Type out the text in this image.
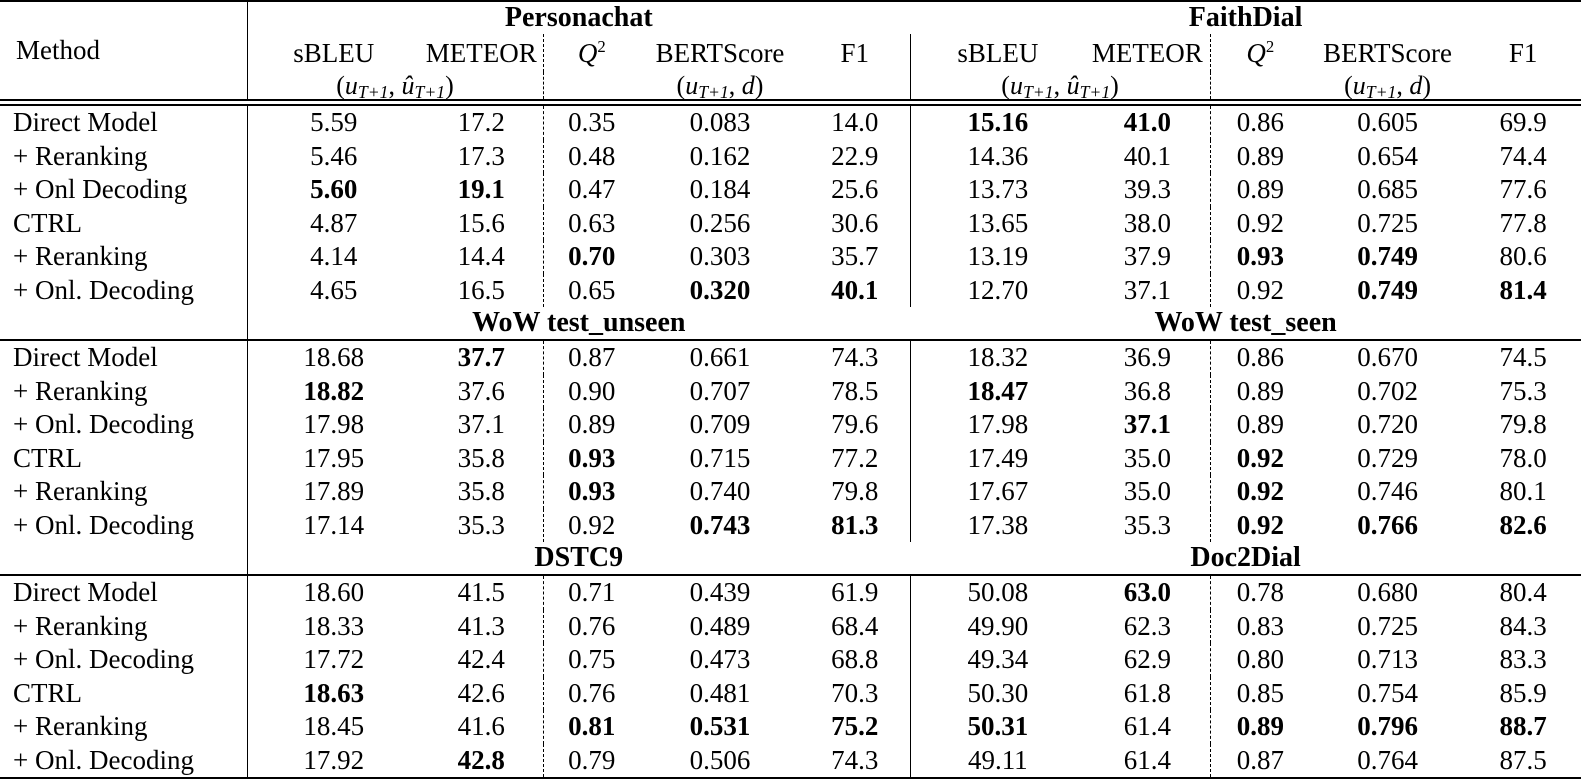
Method	Personachat					FaithDial				
	sBLEU	METEOR	$Q^2$	BERTScore	F1	sBLEU	METEOR	$Q^2$	BERTScore	F1
	($u_{T+1}$, $û_{T+1}$)			($u_{T+1}$, d)		($u_{T+1}$, $û_{T+1}$)			($u_{T+1}$, d)	

Direct Model	5.59	17.2	0.35	0.083	14.0	15.16	41.0	0.86	0.605	69.9
+ Reranking	5.46	17.3	0.48	0.162	22.9	14.36	40.1	0.89	0.654	74.4
+ Onl Decoding	5.60	19.1	0.47	0.184	25.6	13.73	39.3	0.89	0.685	77.6
CTRL	4.87	15.6	0.63	0.256	30.6	13.65	38.0	0.92	0.725	77.8
+ Reranking	4.14	14.4	0.70	0.303	35.7	13.19	37.9	0.93	0.749	80.6
+ Onl. Decoding	4.65	16.5	0.65	0.320	40.1	12.70	37.1	0.92	0.749	81.4
	WoW test_unseen					WoW test_seen				
Direct Model	18.68	37.7	0.87	0.661	74.3	18.32	36.9	0.86	0.670	74.5
+ Reranking	18.82	37.6	0.90	0.707	78.5	18.47	36.8	0.89	0.702	75.3
+ Onl. Decoding	17.98	37.1	0.89	0.709	79.6	17.98	37.1	0.89	0.720	79.8
CTRL	17.95	35.8	0.93	0.715	77.2	17.49	35.0	0.92	0.729	78.0
+ Reranking	17.89	35.8	0.93	0.740	79.8	17.67	35.0	0.92	0.746	80.1
+ Onl. Decoding	17.14	35.3	0.92	0.743	81.3	17.38	35.3	0.92	0.766	82.6
	DSTC9					Doc2Dial				
Direct Model	18.60	41.5	0.71	0.439	61.9	50.08	63.0	0.78	0.680	80.4
+ Reranking	18.33	41.3	0.76	0.489	68.4	49.90	62.3	0.83	0.725	84.3
+ Onl. Decoding	17.72	42.4	0.75	0.473	68.8	49.34	62.9	0.80	0.713	83.3
CTRL	18.63	42.6	0.76	0.481	70.3	50.30	61.8	0.85	0.754	85.9
+ Reranking	18.45	41.6	0.81	0.531	75.2	50.31	61.4	0.89	0.796	88.7
+ Onl. Decoding	17.92	42.8	0.79	0.506	74.3	49.11	61.4	0.87	0.764	87.5
